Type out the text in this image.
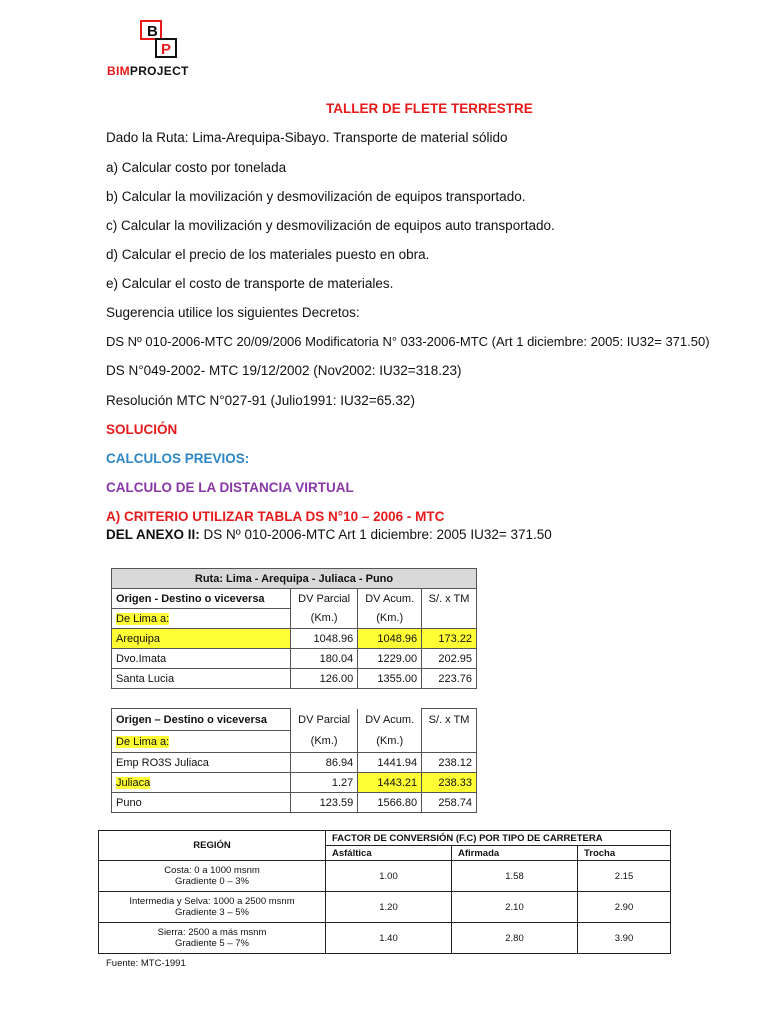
B
P
BIMPROJECT
TALLER DE FLETE TERRESTRE
Dado la Ruta: Lima-Arequipa-Sibayo. Transporte de material sólido
a) Calcular costo por tonelada
b) Calcular la movilización y desmovilización de equipos transportado.
c) Calcular la movilización y desmovilización de equipos auto transportado.
d) Calcular el precio de los materiales puesto en obra.
e) Calcular el costo de transporte de materiales.
Sugerencia utilice los siguientes Decretos:
DS Nº 010-2006-MTC 20/09/2006 Modificatoria N° 033-2006-MTC (Art 1 diciembre: 2005: IU32= 371.50)
DS N°049-2002- MTC 19/12/2002 (Nov2002: IU32=318.23)
Resolución MTC N°027-91 (Julio1991: IU32=65.32)
SOLUCIÓN
CALCULOS PREVIOS:
CALCULO DE LA DISTANCIA VIRTUAL
A) CRITERIO UTILIZAR TABLA DS N°10 – 2006 - MTC
DEL ANEXO II: DS Nº 010-2006-MTC Art 1 diciembre: 2005 IU32= 371.50
Ruta: Lima - Arequipa - Juliaca - Puno			
Origen - Destino o viceversa	DV Parcial	DV Acum.	S/. x TM
De Lima a:	(Km.)	(Km.)	
Arequipa	1048.96	1048.96	173.22
Dvo.Imata	180.04	1229.00	202.95
Santa Lucia	126.00	1355.00	223.76
Origen – Destino o viceversa	DV Parcial	DV Acum.	S/. x TM
De Lima a:	(Km.)	(Km.)	
Emp RO3S Juliaca	86.94	1441.94	238.12
Juliaca	1.27	1443.21	238.33
Puno	123.59	1566.80	258.74
REGIÓN	FACTOR DE CONVERSIÓN (F.C) POR TIPO DE CARRETERA		
	Asfáltica	Afirmada	Trocha

Costa: 0 a 1000 msnm
Gradiente 0 – 3%	1.00	1.58	2.15

Intermedia y Selva: 1000 a 2500 msnm
Gradiente 3 – 5%	1.20	2.10	2.90

Sierra: 2500 a más msnm
Gradiente 5 – 7%	1.40	2.80	3.90
Fuente: MTC-1991
